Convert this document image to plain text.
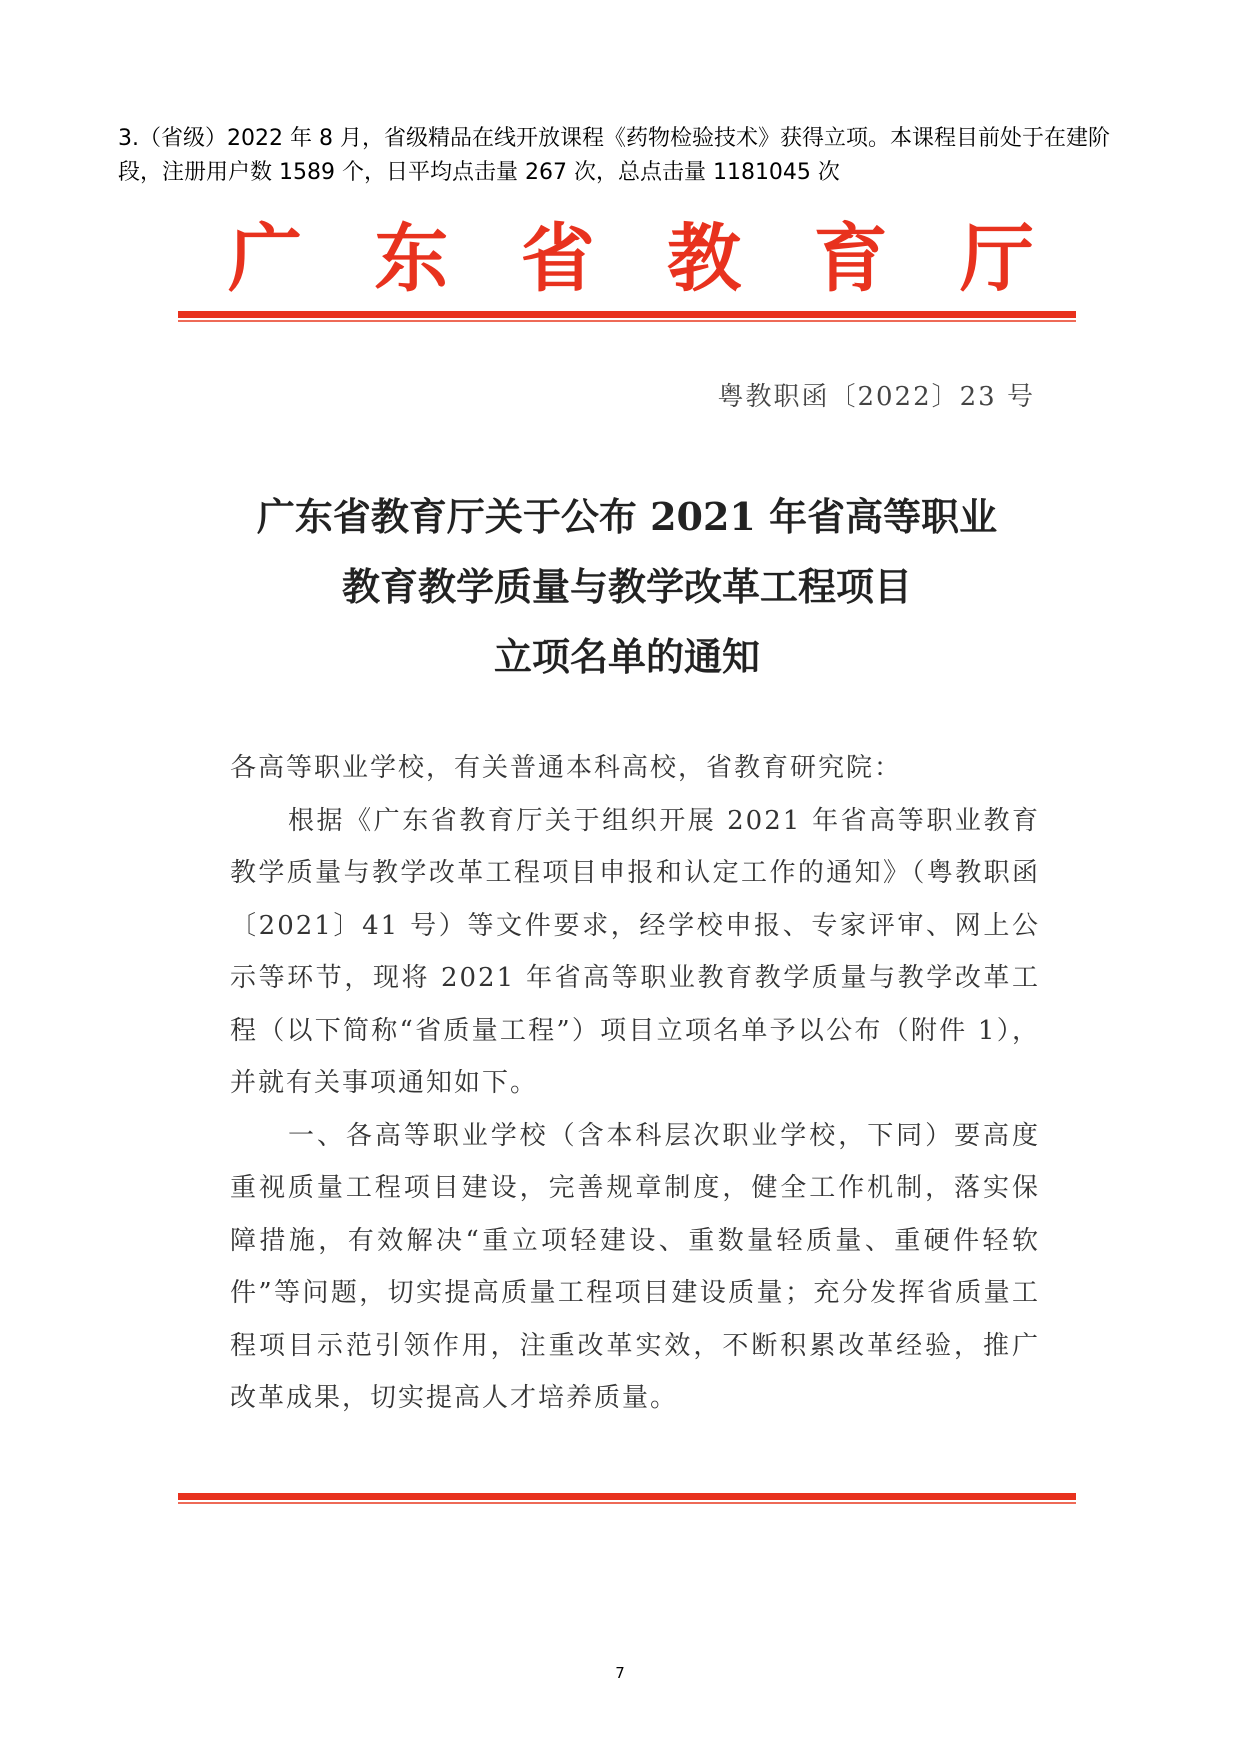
3.（省级）2022 年 8 月，省级精品在线开放课程《药物检验技术》获得立项。本课程目前处于在建阶段，注册用户数 1589 个，日平均点击量 267 次，总点击量 1181045 次

广 东 省 教 育 厅
粤教职函〔2022〕23 号
广东省教育厅关于公布 2021 年省高等职业
教育教学质量与教学改革工程项目
立项名单的通知

各高等职业学校，有关普通本科高校，省教育研究院：

根据《广东省教育厅关于组织开展 2021 年省高等职业教育教学质量与教学改革工程项目申报和认定工作的通知》（粤教职函〔2021〕41 号）等文件要求，经学校申报、专家评审、网上公示等环节，现将 2021 年省高等职业教育教学质量与教学改革工程（以下简称“省质量工程”）项目立项名单予以公布（附件 1），并就有关事项通知如下。

一、各高等职业学校（含本科层次职业学校，下同）要高度重视质量工程项目建设，完善规章制度，健全工作机制，落实保障措施，有效解决“重立项轻建设、重数量轻质量、重硬件轻软件”等问题，切实提高质量工程项目建设质量；充分发挥省质量工程项目示范引领作用，注重改革实效，不断积累改革经验，推广改革成果，切实提高人才培养质量。

7
